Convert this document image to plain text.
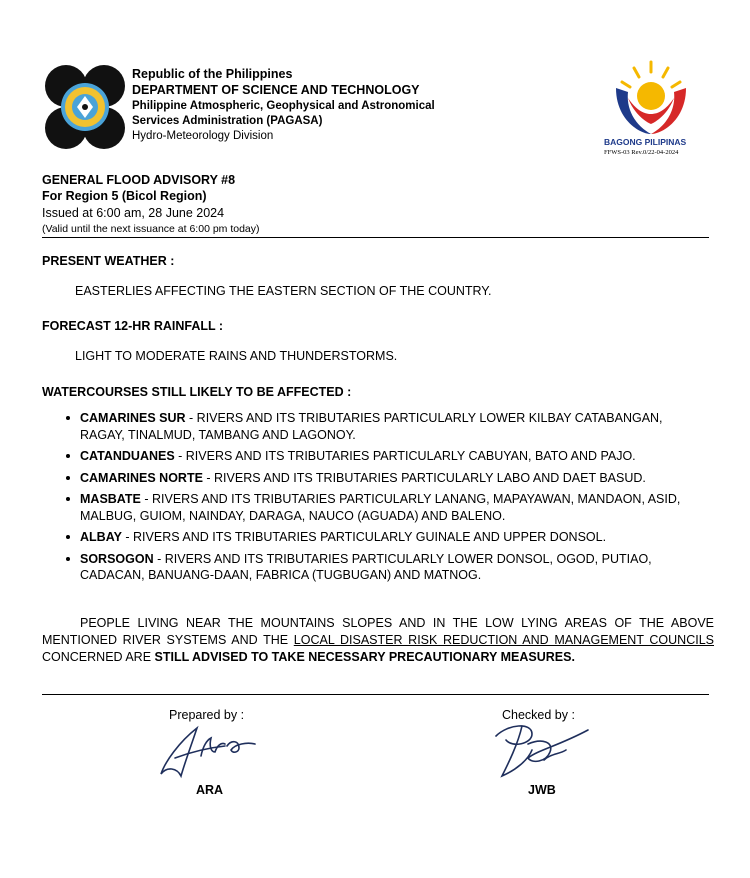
Republic of the Philippines
DEPARTMENT OF SCIENCE AND TECHNOLOGY
Philippine Atmospheric, Geophysical and Astronomical
Services Administration (PAGASA)
Hydro-Meteorology Division	BAGONG PILIPINAS
FFWS-03 Rev.0/22-04-2024
GENERAL FLOOD ADVISORY #8
For Region 5 (Bicol Region)
Issued at 6:00 am, 28 June 2024
(Valid until the next issuance at 6:00 pm today)
PRESENT WEATHER :
EASTERLIES AFFECTING THE EASTERN SECTION OF THE COUNTRY.
FORECAST 12-HR RAINFALL :
LIGHT TO MODERATE RAINS AND THUNDERSTORMS.
WATERCOURSES STILL LIKELY TO BE AFFECTED :
CAMARINES SUR - RIVERS AND ITS TRIBUTARIES PARTICULARLY LOWER KILBAY CATABANGAN, RAGAY, TINALMUD, TAMBANG AND LAGONOY.
CATANDUANES - RIVERS AND ITS TRIBUTARIES PARTICULARLY CABUYAN, BATO AND PAJO.
CAMARINES NORTE - RIVERS AND ITS TRIBUTARIES PARTICULARLY LABO AND DAET BASUD.
MASBATE - RIVERS AND ITS TRIBUTARIES PARTICULARLY LANANG, MAPAYAWAN, MANDAON, ASID, MALBUG, GUIOM, NAINDAY, DARAGA, NAUCO (AGUADA) AND BALENO.
ALBAY - RIVERS AND ITS TRIBUTARIES PARTICULARLY GUINALE AND UPPER DONSOL.
SORSOGON - RIVERS AND ITS TRIBUTARIES PARTICULARLY LOWER DONSOL, OGOD, PUTIAO, CADACAN, BANUANG-DAAN, FABRICA (TUGBUGAN) AND MATNOG.
PEOPLE LIVING NEAR THE MOUNTAINS SLOPES AND IN THE LOW LYING AREAS OF THE ABOVE MENTIONED RIVER SYSTEMS AND THE LOCAL DISASTER RISK REDUCTION AND MANAGEMENT COUNCILS CONCERNED ARE STILL ADVISED TO TAKE NECESSARY PRECAUTIONARY MEASURES.
Prepared by :
ARA
Checked by :
JWB
